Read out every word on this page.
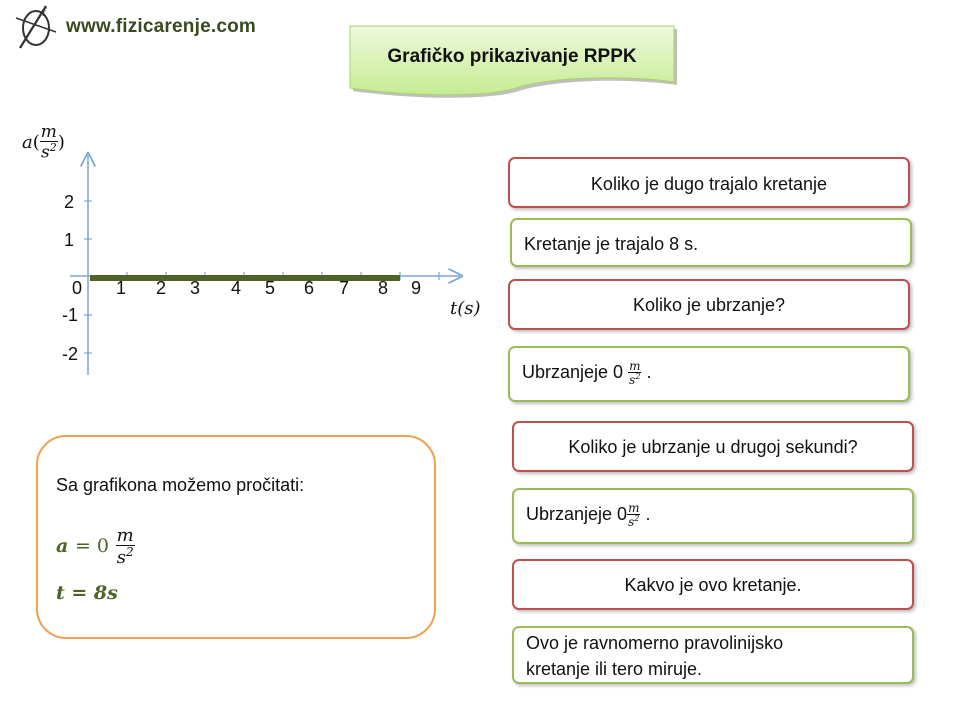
f
www.fizicarenje.com
Grafičko prikazivanje RPPK
$a( \frac{m}{s^2}$ )
2
1
-1
-2
0 1 2 3 4 5 6 7 8 9
t(s)
Sa grafikona možemo pročitati:
$a = 0 \frac{m}{s^2}$
t = 8s
Koliko je dugo trajalo kretanje
Kretanje je trajalo 8 s.
Koliko je ubrzanje?
Ubrzanjeje $0 \frac{m}{s^2}$ .
Koliko je ubrzanje u drugoj sekundi?
Ubrzanjeje $0 \frac{m}{s^2}$ .
Kakvo je ovo kretanje.
Ovo je ravnomerno pravolinijsko
kretanje ili tero miruje.
